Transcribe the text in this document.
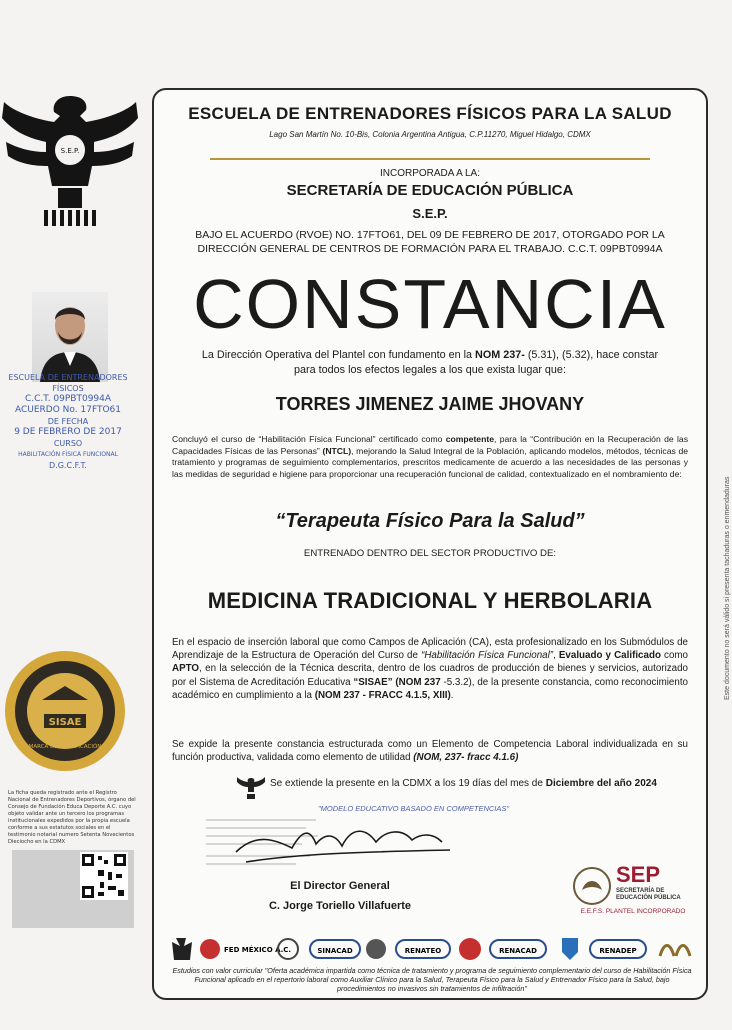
S.E.P.
ESCUELA DE ENTRENADORES
FÍSICOS
C.C.T. 09PBT0994A
ACUERDO No. 17FTO61
DE FECHA
9 DE FEBRERO DE 2017
CURSO
HABILITACIÓN FÍSICA FUNCIONAL
D.G.C.F.T.
SISAE
MARCA DE CERTIFICACIÓN
La ficha queda registrado ante el Registro Nacional de Entrenadores Deportivos, órgano del Consejo de Fundación Educa Deporte A.C. cuyo objeto validar ante un tercero los programas institucionales expedidos por la propia escuela conforme a sus estatutos sociales en el testimonio notarial numero Setenta Novecientos Dieciocho en la CDMX
ESCUELA DE ENTRENADORES FÍSICOS PARA LA SALUD
Lago San Martín No. 10-Bis, Colonia Argentina Antigua, C.P.11270, Miguel Hidalgo, CDMX
INCORPORADA A LA:
SECRETARÍA DE EDUCACIÓN PÚBLICA
S.E.P.
BAJO EL ACUERDO (RVOE) NO. 17FTO61, DEL 09 DE FEBRERO DE 2017, OTORGADO POR LA
DIRECCIÓN GENERAL DE CENTROS DE FORMACIÓN PARA EL TRABAJO. C.C.T. 09PBT0994A
CONSTANCIA
La Dirección Operativa del Plantel con fundamento en la NOM 237- (5.31), (5.32), hace constar
para todos los efectos legales a los que exista lugar que:
TORRES JIMENEZ JAIME JHOVANY
Concluyó el curso de “Habilitación Física Funcional” certificado como competente, para la “Contribución en la Recuperación de las Capacidades Físicas de las Personas” (NTCL), mejorando la Salud Integral de la Población, aplicando modelos, métodos, técnicas de tratamiento y programas de seguimiento complementarios, prescritos medicamente de acuerdo a las necesidades de las personas y las medidas de seguridad e higiene para proporcionar una recuperación funcional de calidad, contextualizado en el nombramiento de:
“Terapeuta Físico Para la Salud”
ENTRENADO DENTRO DEL SECTOR PRODUCTIVO DE:
MEDICINA TRADICIONAL Y HERBOLARIA
En el espacio de inserción laboral que como Campos de Aplicación (CA), esta profesionalizado en los Submódulos de Aprendizaje de la Estructura de Operación del Curso de “Habilitación Física Funcional”, Evaluado y Calificado como APTO, en la selección de la Técnica descrita, dentro de los cuadros de producción de bienes y servicios, autorizado por el Sistema de Acreditación Educativa “SISAE” (NOM 237 -5.3.2), de la presente constancia, como reconocimiento académico en cumplimiento a la (NOM 237 - FRACC 4.1.5, XIII).
Se expide la presente constancia estructurada como un Elemento de Competencia Laboral individualizada en su función productiva, validada como elemento de utilidad (NOM, 237- fracc 4.1.6)
Se extiende la presente en la CDMX a los 19 días del mes de Diciembre del año 2024
"MODELO EDUCATIVO BASADO EN COMPETENCIAS"
El Director General
C. Jorge Toriello Villafuerte
SEP
SECRETARÍA DE
EDUCACIÓN PÚBLICA
E.E.F.S. PLANTEL INCORPORADO
FED MÉXICO A.C.	SINACAD	RENATEO	RENACAD	RENADEP
Estudios con valor curricular "Oferta académica impartida como técnica de tratamiento y programa de seguimiento complementario del curso de Habilitación Física Funcional aplicado en el repertorio laboral como Auxiliar Clínico para la Salud, Terapeuta Físico para la Salud y Entrenador Físico para la Salud, bajo procedimientos no invasivos sin tratamientos de infiltración"
Este documento no será válido si presenta tachaduras o enmendaduras
